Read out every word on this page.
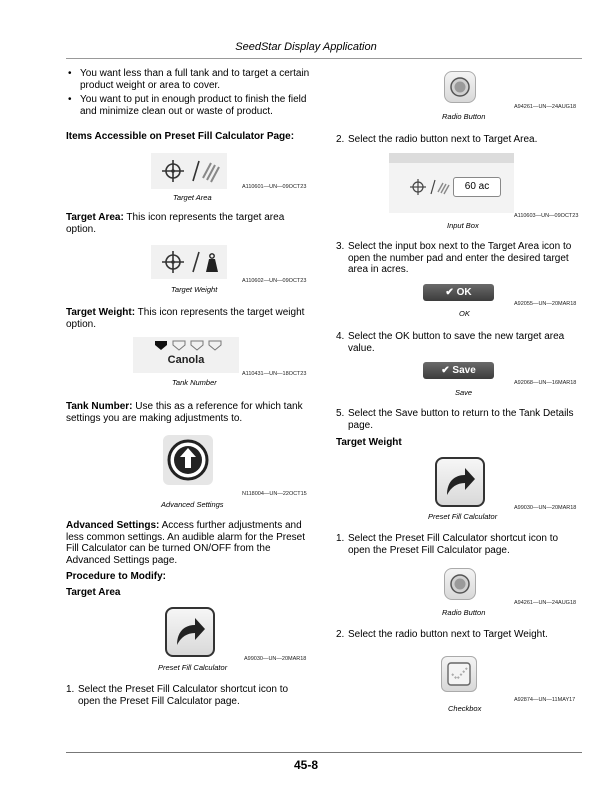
SeedStar Display Application
• You want less than a full tank and to target a certain product weight or area to cover.
• You want to put in enough product to finish the field and minimize clean out or waste of product.

Items Accessible on Preset Fill Calculator Page:

Target Area
A110601—UN—09OCT23

Target Area: This icon represents the target area option.

Target Weight
A110602—UN—09OCT23

Target Weight: This icon represents the target weight option.

Canola
Tank Number
A110431—UN—18OCT23

Tank Number: Use this as a reference for which tank settings you are making adjustments to.

Advanced Settings
N118004—UN—22OCT15

Advanced Settings: Access further adjustments and less common settings. An audible alarm for the Preset Fill Calculator can be turned ON/OFF from the Advanced Settings page.

Procedure to Modify:

Target Area

Preset Fill Calculator
A99030—UN—20MAR18
1. Select the Preset Fill Calculator shortcut icon to open the Preset Fill Calculator page.
Radio Button
A94261—UN—24AUG18
2. Select the radio button next to Target Area.
60 ac
Input Box
A110603—UN—09OCT23
3. Select the input box next to the Target Area icon to open the number pad and enter the desired target area in acres.
✔ OK
OK
A92055—UN—20MAR18
4. Select the OK button to save the new target area value.
✔ Save
Save
A92068—UN—16MAR18
5. Select the Save button to return to the Tank Details page.

Target Weight

Preset Fill Calculator
A99030—UN—20MAR18
1. Select the Preset Fill Calculator shortcut icon to open the Preset Fill Calculator page.
Radio Button
A94261—UN—24AUG18
2. Select the radio button next to Target Weight.
Checkbox
A92874—UN—11MAY17
45-8
